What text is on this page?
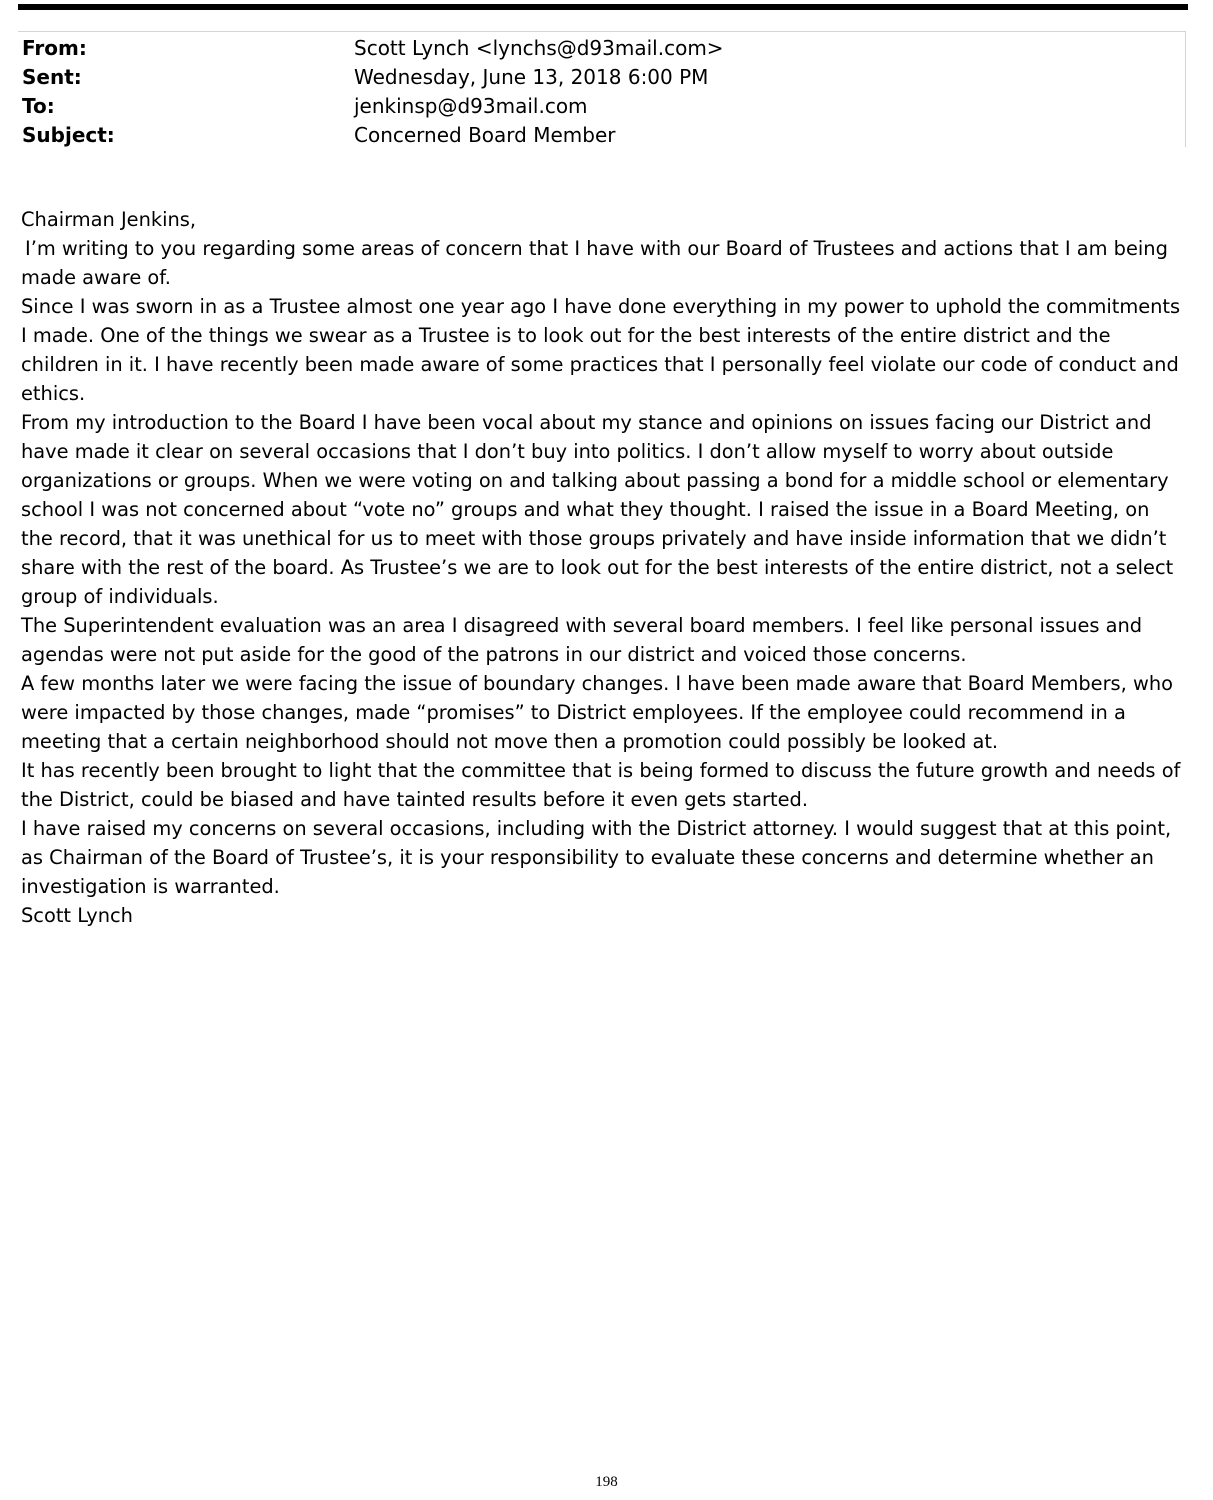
From:	Scott Lynch <lynchs@d93mail.com>
Sent:	Wednesday, June 13, 2018 6:00 PM
To:	jenkinsp@d93mail.com
Subject:	Concerned Board Member

Chairman Jenkins,

I’m writing to you regarding some areas of concern that I have with our Board of Trustees and actions that I am being made aware of.

Since I was sworn in as a Trustee almost one year ago I have done everything in my power to uphold the commitments I made. One of the things we swear as a Trustee is to look out for the best interests of the entire district and the children in it. I have recently been made aware of some practices that I personally feel violate our code of conduct and ethics.

From my introduction to the Board I have been vocal about my stance and opinions on issues facing our District and have made it clear on several occasions that I don’t buy into politics. I don’t allow myself to worry about outside organizations or groups. When we were voting on and talking about passing a bond for a middle school or elementary school I was not concerned about “vote no” groups and what they thought. I raised the issue in a Board Meeting, on the record, that it was unethical for us to meet with those groups privately and have inside information that we didn’t share with the rest of the board. As Trustee’s we are to look out for the best interests of the entire district, not a select group of individuals.

The Superintendent evaluation was an area I disagreed with several board members. I feel like personal issues and agendas were not put aside for the good of the patrons in our district and voiced those concerns.

A few months later we were facing the issue of boundary changes. I have been made aware that Board Members, who were impacted by those changes, made “promises” to District employees. If the employee could recommend in a meeting that a certain neighborhood should not move then a promotion could possibly be looked at.

It has recently been brought to light that the committee that is being formed to discuss the future growth and needs of the District, could be biased and have tainted results before it even gets started.

I have raised my concerns on several occasions, including with the District attorney. I would suggest that at this point, as Chairman of the Board of Trustee’s, it is your responsibility to evaluate these concerns and determine whether an investigation is warranted.

Scott Lynch

198
